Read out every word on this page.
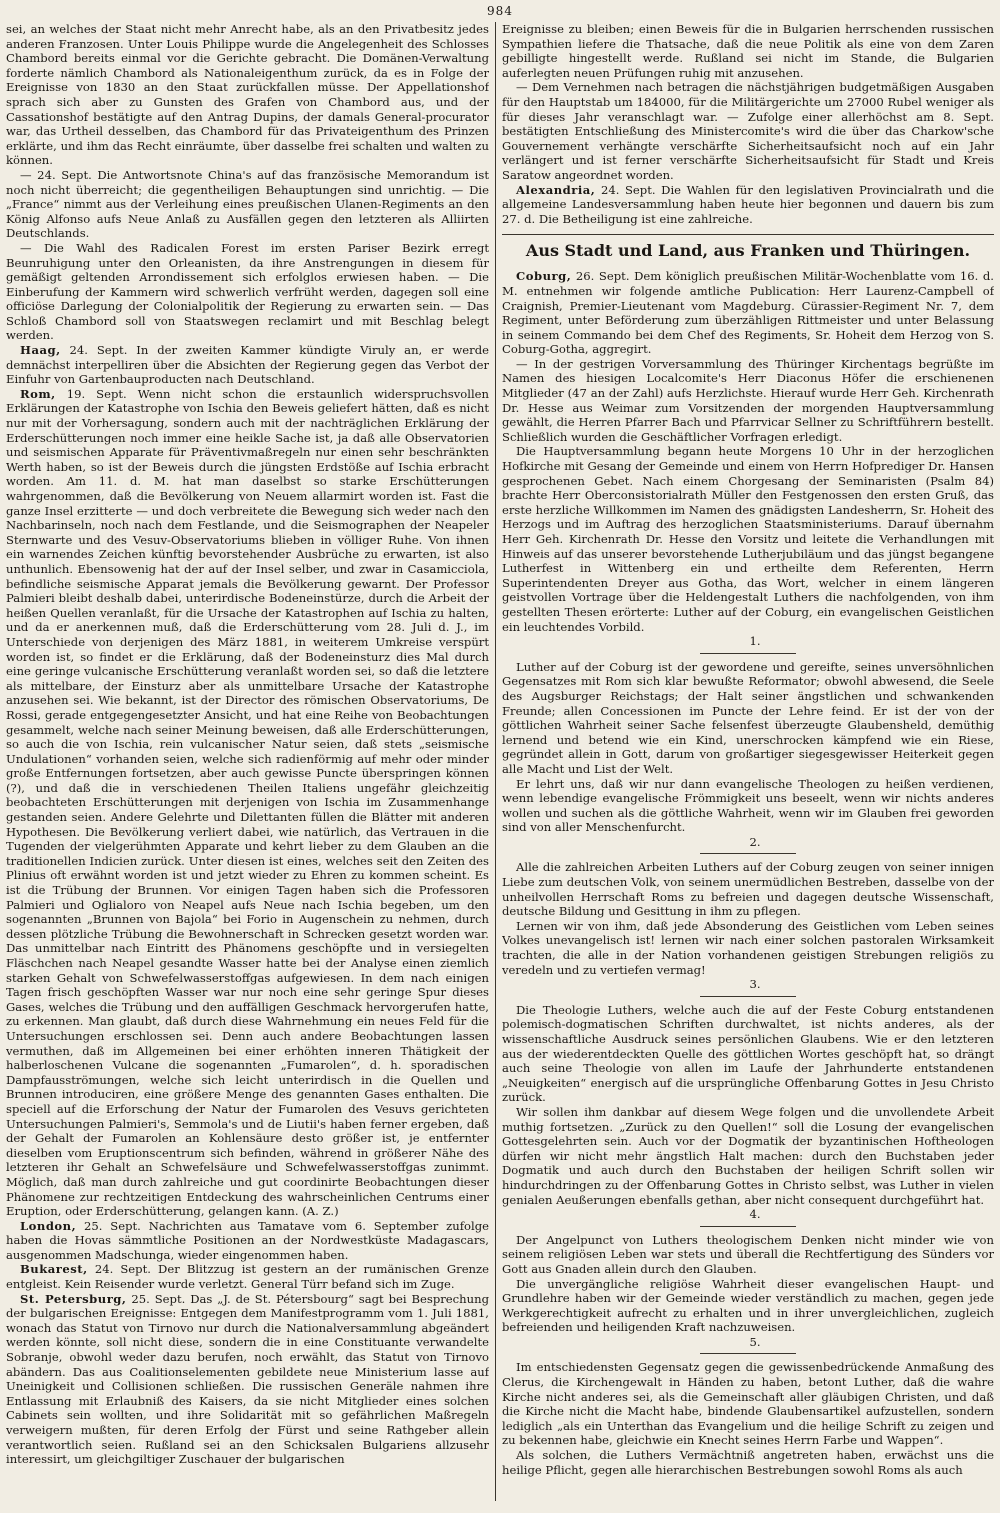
984

sei, an welches der Staat nicht mehr Anrecht habe, als an den Privatbesitz jedes anderen Franzosen. Unter Louis Philippe wurde die Angelegenheit des Schlosses Chambord bereits einmal vor die Gerichte gebracht. Die Domänen-Verwaltung forderte nämlich Chambord als Nationaleigenthum zurück, da es in Folge der Ereignisse von 1830 an den Staat zurückfallen müsse. Der Appellationshof sprach sich aber zu Gunsten des Grafen von Chambord aus, und der Cassationshof bestätigte auf den Antrag Dupins, der damals General-procurator war, das Urtheil desselben, das Chambord für das Privateigenthum des Prinzen erklärte, und ihm das Recht einräumte, über dasselbe frei schalten und walten zu können.

— 24. Sept. Die Antwortsnote China's auf das französische Memorandum ist noch nicht überreicht; die gegentheiligen Behauptungen sind unrichtig. — Die „France“ nimmt aus der Verleihung eines preußischen Ulanen-Regiments an den König Alfonso aufs Neue Anlaß zu Ausfällen gegen den letzteren als Alliirten Deutschlands.

— Die Wahl des Radicalen Forest im ersten Pariser Bezirk erregt Beunruhigung unter den Orleanisten, da ihre Anstrengungen in diesem für gemäßigt geltenden Arrondissement sich erfolglos erwiesen haben. — Die Einberufung der Kammern wird schwerlich verfrüht werden, dagegen soll eine officiöse Darlegung der Colonialpolitik der Regierung zu erwarten sein. — Das Schloß Chambord soll von Staatswegen reclamirt und mit Beschlag belegt werden.

Haag, 24. Sept. In der zweiten Kammer kündigte Viruly an, er werde demnächst interpelliren über die Absichten der Regierung gegen das Verbot der Einfuhr von Gartenbauproducten nach Deutschland.

Rom, 19. Sept. Wenn nicht schon die erstaunlich widerspruchsvollen Erklärungen der Katastrophe von Ischia den Beweis geliefert hätten, daß es nicht nur mit der Vorhersagung, sondern auch mit der nachträglichen Erklärung der Erderschütterungen noch immer eine heikle Sache ist, ja daß alle Observatorien und seismischen Apparate für Präventivmaßregeln nur einen sehr beschränkten Werth haben, so ist der Beweis durch die jüngsten Erdstöße auf Ischia erbracht worden. Am 11. d. M. hat man daselbst so starke Erschütterungen wahrgenommen, daß die Bevölkerung von Neuem allarmirt worden ist. Fast die ganze Insel erzitterte — und doch verbreitete die Bewegung sich weder nach den Nachbarinseln, noch nach dem Festlande, und die Seismographen der Neapeler Sternwarte und des Vesuv-Observatoriums blieben in völliger Ruhe. Von ihnen ein warnendes Zeichen künftig bevorstehender Ausbrüche zu erwarten, ist also unthunlich. Ebensowenig hat der auf der Insel selber, und zwar in Casamicciola, befindliche seismische Apparat jemals die Bevölkerung gewarnt. Der Professor Palmieri bleibt deshalb dabei, unterirdische Bodeneinstürze, durch die Arbeit der heißen Quellen veranlaßt, für die Ursache der Katastrophen auf Ischia zu halten, und da er anerkennen muß, daß die Erderschütterung vom 28. Juli d. J., im Unterschiede von derjenigen des März 1881, in weiterem Umkreise verspürt worden ist, so findet er die Erklärung, daß der Bodeneinsturz dies Mal durch eine geringe vulcanische Erschütterung veranlaßt worden sei, so daß die letztere als mittelbare, der Einsturz aber als unmittelbare Ursache der Katastrophe anzusehen sei. Wie bekannt, ist der Director des römischen Observatoriums, De Rossi, gerade entgegengesetzter Ansicht, und hat eine Reihe von Beobachtungen gesammelt, welche nach seiner Meinung beweisen, daß alle Erderschütterungen, so auch die von Ischia, rein vulcanischer Natur seien, daß stets „seismische Undulationen“ vorhanden seien, welche sich radienförmig auf mehr oder minder große Entfernungen fortsetzen, aber auch gewisse Puncte überspringen können (?), und daß die in verschiedenen Theilen Italiens ungefähr gleichzeitig beobachteten Erschütterungen mit derjenigen von Ischia im Zusammenhange gestanden seien. Andere Gelehrte und Dilettanten füllen die Blätter mit anderen Hypothesen. Die Bevölkerung verliert dabei, wie natürlich, das Vertrauen in die Tugenden der vielgerühmten Apparate und kehrt lieber zu dem Glauben an die traditionellen Indicien zurück. Unter diesen ist eines, welches seit den Zeiten des Plinius oft erwähnt worden ist und jetzt wieder zu Ehren zu kommen scheint. Es ist die Trübung der Brunnen. Vor einigen Tagen haben sich die Professoren Palmieri und Oglialoro von Neapel aufs Neue nach Ischia begeben, um den sogenannten „Brunnen von Bajola“ bei Forio in Augenschein zu nehmen, durch dessen plötzliche Trübung die Bewohnerschaft in Schrecken gesetzt worden war. Das unmittelbar nach Eintritt des Phänomens geschöpfte und in versiegelten Fläschchen nach Neapel gesandte Wasser hatte bei der Analyse einen ziemlich starken Gehalt von Schwefelwasserstoffgas aufgewiesen. In dem nach einigen Tagen frisch geschöpften Wasser war nur noch eine sehr geringe Spur dieses Gases, welches die Trübung und den auffälligen Geschmack hervorgerufen hatte, zu erkennen. Man glaubt, daß durch diese Wahrnehmung ein neues Feld für die Untersuchungen erschlossen sei. Denn auch andere Beobachtungen lassen vermuthen, daß im Allgemeinen bei einer erhöhten inneren Thätigkeit der halberloschenen Vulcane die sogenannten „Fumarolen“, d. h. sporadischen Dampfausströmungen, welche sich leicht unterirdisch in die Quellen und Brunnen introduciren, eine größere Menge des genannten Gases enthalten. Die speciell auf die Erforschung der Natur der Fumarolen des Vesuvs gerichteten Untersuchungen Palmieri's, Semmola's und de Liutii's haben ferner ergeben, daß der Gehalt der Fumarolen an Kohlensäure desto größer ist, je entfernter dieselben vom Eruptionscentrum sich befinden, während in größerer Nähe des letzteren ihr Gehalt an Schwefelsäure und Schwefelwasserstoffgas zunimmt. Möglich, daß man durch zahlreiche und gut coordinirte Beobachtungen dieser Phänomene zur rechtzeitigen Entdeckung des wahrscheinlichen Centrums einer Eruption, oder Erderschütterung, gelangen kann. (A. Z.)

London, 25. Sept. Nachrichten aus Tamatave vom 6. September zufolge haben die Hovas sämmtliche Positionen an der Nordwestküste Madagascars, ausgenommen Madschunga, wieder eingenommen haben.

Bukarest, 24. Sept. Der Blitzzug ist gestern an der rumänischen Grenze entgleist. Kein Reisender wurde verletzt. General Türr befand sich im Zuge.

St. Petersburg, 25. Sept. Das „J. de St. Pétersbourg“ sagt bei Besprechung der bulgarischen Ereignisse: Entgegen dem Manifestprogramm vom 1. Juli 1881, wonach das Statut von Tirnovo nur durch die Nationalversammlung abgeändert werden könnte, soll nicht diese, sondern die in eine Constituante verwandelte Sobranje, obwohl weder dazu berufen, noch erwählt, das Statut von Tirnovo abändern. Das aus Coalitionselementen gebildete neue Ministerium lasse auf Uneinigkeit und Collisionen schließen. Die russischen Generäle nahmen ihre Entlassung mit Erlaubniß des Kaisers, da sie nicht Mitglieder eines solchen Cabinets sein wollten, und ihre Solidarität mit so gefährlichen Maßregeln verweigern mußten, für deren Erfolg der Fürst und seine Rathgeber allein verantwortlich seien. Rußland sei an den Schicksalen Bulgariens allzusehr interessirt, um gleichgiltiger Zuschauer der bulgarischen

Ereignisse zu bleiben; einen Beweis für die in Bulgarien herrschenden russischen Sympathien liefere die Thatsache, daß die neue Politik als eine von dem Zaren gebilligte hingestellt werde. Rußland sei nicht im Stande, die Bulgarien auferlegten neuen Prüfungen ruhig mit anzusehen.

— Dem Vernehmen nach betragen die nächstjährigen budgetmäßigen Ausgaben für den Hauptstab um 184000, für die Militärgerichte um 27000 Rubel weniger als für dieses Jahr veranschlagt war. — Zufolge einer allerhöchst am 8. Sept. bestätigten Entschließung des Ministercomite's wird die über das Charkow'sche Gouvernement verhängte verschärfte Sicherheitsaufsicht noch auf ein Jahr verlängert und ist ferner verschärfte Sicherheitsaufsicht für Stadt und Kreis Saratow angeordnet worden.

Alexandria, 24. Sept. Die Wahlen für den legislativen Provincialrath und die allgemeine Landesversammlung haben heute hier begonnen und dauern bis zum 27. d. Die Betheiligung ist eine zahlreiche.

Aus Stadt und Land, aus Franken und Thüringen.

Coburg, 26. Sept. Dem königlich preußischen Militär-Wochenblatte vom 16. d. M. entnehmen wir folgende amtliche Publication: Herr Laurenz-Campbell of Craignish, Premier-Lieutenant vom Magdeburg. Cürassier-Regiment Nr. 7, dem Regiment, unter Beförderung zum überzähligen Rittmeister und unter Belassung in seinem Commando bei dem Chef des Regiments, Sr. Hoheit dem Herzog von S. Coburg-Gotha, aggregirt.

— In der gestrigen Vorversammlung des Thüringer Kirchentags begrüßte im Namen des hiesigen Localcomite's Herr Diaconus Höfer die erschienenen Mitglieder (47 an der Zahl) aufs Herzlichste. Hierauf wurde Herr Geh. Kirchenrath Dr. Hesse aus Weimar zum Vorsitzenden der morgenden Hauptversammlung gewählt, die Herren Pfarrer Bach und Pfarrvicar Sellner zu Schriftführern bestellt. Schließlich wurden die Geschäftlicher Vorfragen erledigt.

Die Hauptversammlung begann heute Morgens 10 Uhr in der herzoglichen Hofkirche mit Gesang der Gemeinde und einem von Herrn Hofprediger Dr. Hansen gesprochenen Gebet. Nach einem Chorgesang der Seminaristen (Psalm 84) brachte Herr Oberconsistorialrath Müller den Festgenossen den ersten Gruß, das erste herzliche Willkommen im Namen des gnädigsten Landesherrn, Sr. Hoheit des Herzogs und im Auftrag des herzoglichen Staatsministeriums. Darauf übernahm Herr Geh. Kirchenrath Dr. Hesse den Vorsitz und leitete die Verhandlungen mit Hinweis auf das unserer bevorstehende Lutherjubiläum und das jüngst begangene Lutherfest in Wittenberg ein und ertheilte dem Referenten, Herrn Superintendenten Dreyer aus Gotha, das Wort, welcher in einem längeren geistvollen Vortrage über die Heldengestalt Luthers die nachfolgenden, von ihm gestellten Thesen erörterte: Luther auf der Coburg, ein evangelischen Geistlichen ein leuchtendes Vorbild.

1.

Luther auf der Coburg ist der gewordene und gereifte, seines unversöhnlichen Gegensatzes mit Rom sich klar bewußte Reformator; obwohl abwesend, die Seele des Augsburger Reichstags; der Halt seiner ängstlichen und schwankenden Freunde; allen Concessionen im Puncte der Lehre feind. Er ist der von der göttlichen Wahrheit seiner Sache felsenfest überzeugte Glaubensheld, demüthig lernend und betend wie ein Kind, unerschrocken kämpfend wie ein Riese, gegründet allein in Gott, darum von großartiger siegesgewisser Heiterkeit gegen alle Macht und List der Welt.

Er lehrt uns, daß wir nur dann evangelische Theologen zu heißen verdienen, wenn lebendige evangelische Frömmigkeit uns beseelt, wenn wir nichts anderes wollen und suchen als die göttliche Wahrheit, wenn wir im Glauben frei geworden sind von aller Menschenfurcht.

2.

Alle die zahlreichen Arbeiten Luthers auf der Coburg zeugen von seiner innigen Liebe zum deutschen Volk, von seinem unermüdlichen Bestreben, dasselbe von der unheilvollen Herrschaft Roms zu befreien und dagegen deutsche Wissenschaft, deutsche Bildung und Gesittung in ihm zu pflegen.

Lernen wir von ihm, daß jede Absonderung des Geistlichen vom Leben seines Volkes unevangelisch ist! lernen wir nach einer solchen pastoralen Wirksamkeit trachten, die alle in der Nation vorhandenen geistigen Strebungen religiös zu veredeln und zu vertiefen vermag!

3.

Die Theologie Luthers, welche auch die auf der Feste Coburg entstandenen polemisch-dogmatischen Schriften durchwaltet, ist nichts anderes, als der wissenschaftliche Ausdruck seines persönlichen Glaubens. Wie er den letzteren aus der wiederentdeckten Quelle des göttlichen Wortes geschöpft hat, so drängt auch seine Theologie von allen im Laufe der Jahrhunderte entstandenen „Neuigkeiten“ energisch auf die ursprüngliche Offenbarung Gottes in Jesu Christo zurück.

Wir sollen ihm dankbar auf diesem Wege folgen und die unvollendete Arbeit muthig fortsetzen. „Zurück zu den Quellen!“ soll die Losung der evangelischen Gottesgelehrten sein. Auch vor der Dogmatik der byzantinischen Hoftheologen dürfen wir nicht mehr ängstlich Halt machen: durch den Buchstaben jeder Dogmatik und auch durch den Buchstaben der heiligen Schrift sollen wir hindurchdringen zu der Offenbarung Gottes in Christo selbst, was Luther in vielen genialen Aeußerungen ebenfalls gethan, aber nicht consequent durchgeführt hat.

4.

Der Angelpunct von Luthers theologischem Denken nicht minder wie von seinem religiösen Leben war stets und überall die Rechtfertigung des Sünders vor Gott aus Gnaden allein durch den Glauben.

Die unvergängliche religiöse Wahrheit dieser evangelischen Haupt- und Grundlehre haben wir der Gemeinde wieder verständlich zu machen, gegen jede Werkgerechtigkeit aufrecht zu erhalten und in ihrer unvergleichlichen, zugleich befreienden und heiligenden Kraft nachzuweisen.

5.

Im entschiedensten Gegensatz gegen die gewissenbedrückende Anmaßung des Clerus, die Kirchengewalt in Händen zu haben, betont Luther, daß die wahre Kirche nicht anderes sei, als die Gemeinschaft aller gläubigen Christen, und daß die Kirche nicht die Macht habe, bindende Glaubensartikel aufzustellen, sondern lediglich „als ein Unterthan das Evangelium und die heilige Schrift zu zeigen und zu bekennen habe, gleichwie ein Knecht seines Herrn Farbe und Wappen“.

Als solchen, die Luthers Vermächtniß angetreten haben, erwächst uns die heilige Pflicht, gegen alle hierarchischen Bestrebungen sowohl Roms als auch
